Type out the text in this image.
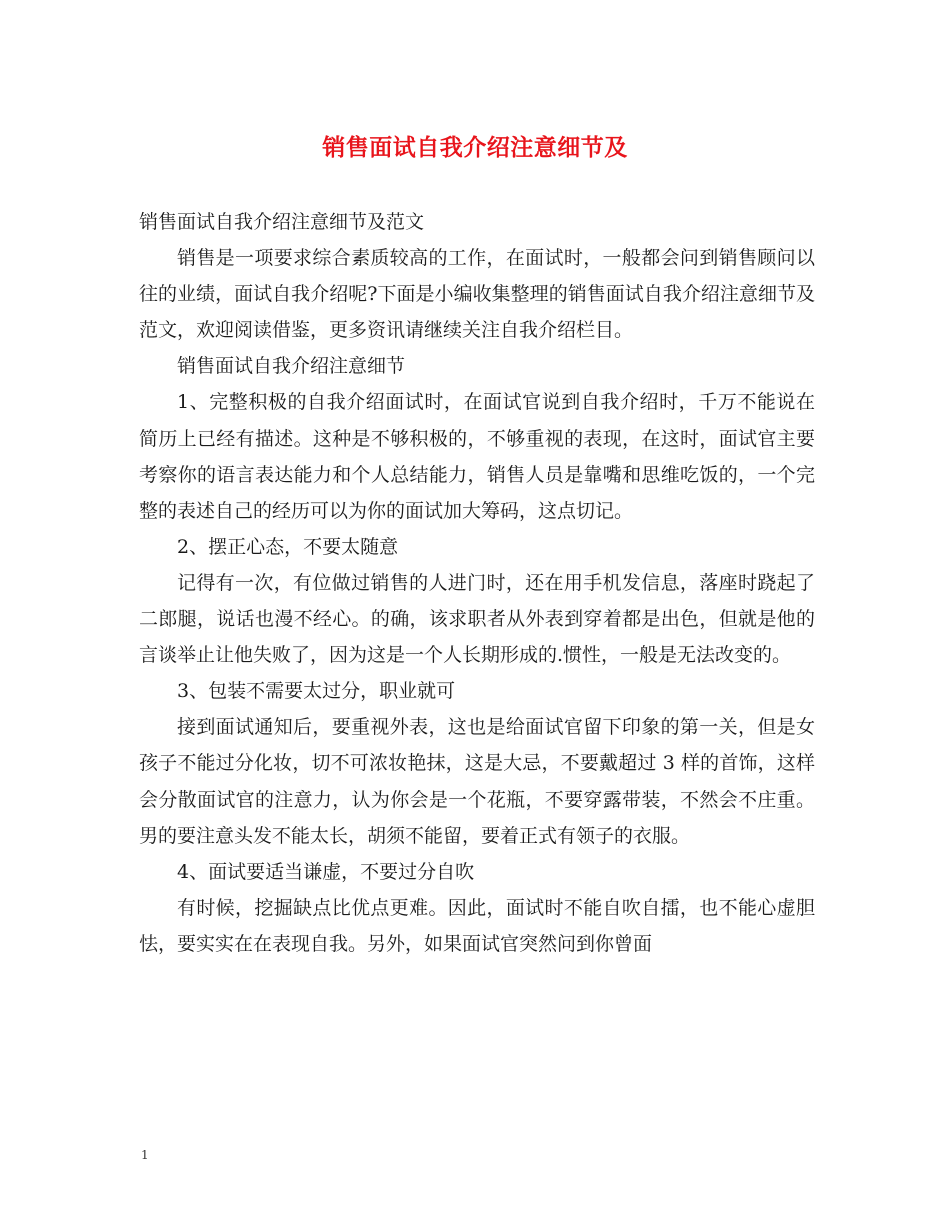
销售面试自我介绍注意细节及

销售面试自我介绍注意细节及范文

销售是一项要求综合素质较高的工作，在面试时，一般都会问到销售顾问以往的业绩，面试自我介绍呢?下面是小编收集整理的销售面试自我介绍注意细节及范文，欢迎阅读借鉴，更多资讯请继续关注自我介绍栏目。

销售面试自我介绍注意细节

1、完整积极的自我介绍面试时，在面试官说到自我介绍时，千万不能说在简历上已经有描述。这种是不够积极的，不够重视的表现，在这时，面试官主要考察你的语言表达能力和个人总结能力，销售人员是靠嘴和思维吃饭的，一个完整的表述自己的经历可以为你的面试加大筹码，这点切记。

2、摆正心态，不要太随意

记得有一次，有位做过销售的人进门时，还在用手机发信息，落座时跷起了二郎腿，说话也漫不经心。的确，该求职者从外表到穿着都是出色，但就是他的言谈举止让他失败了，因为这是一个人长期形成的.惯性，一般是无法改变的。

3、包装不需要太过分，职业就可

接到面试通知后，要重视外表，这也是给面试官留下印象的第一关，但是女孩子不能过分化妆，切不可浓妆艳抹，这是大忌，不要戴超过 3 样的首饰，这样会分散面试官的注意力，认为你会是一个花瓶，不要穿露带装，不然会不庄重。男的要注意头发不能太长，胡须不能留，要着正式有领子的衣服。

4、面试要适当谦虚，不要过分自吹

有时候，挖掘缺点比优点更难。因此，面试时不能自吹自擂，也不能心虚胆怯，要实实在在表现自我。另外，如果面试官突然问到你曾面

1
